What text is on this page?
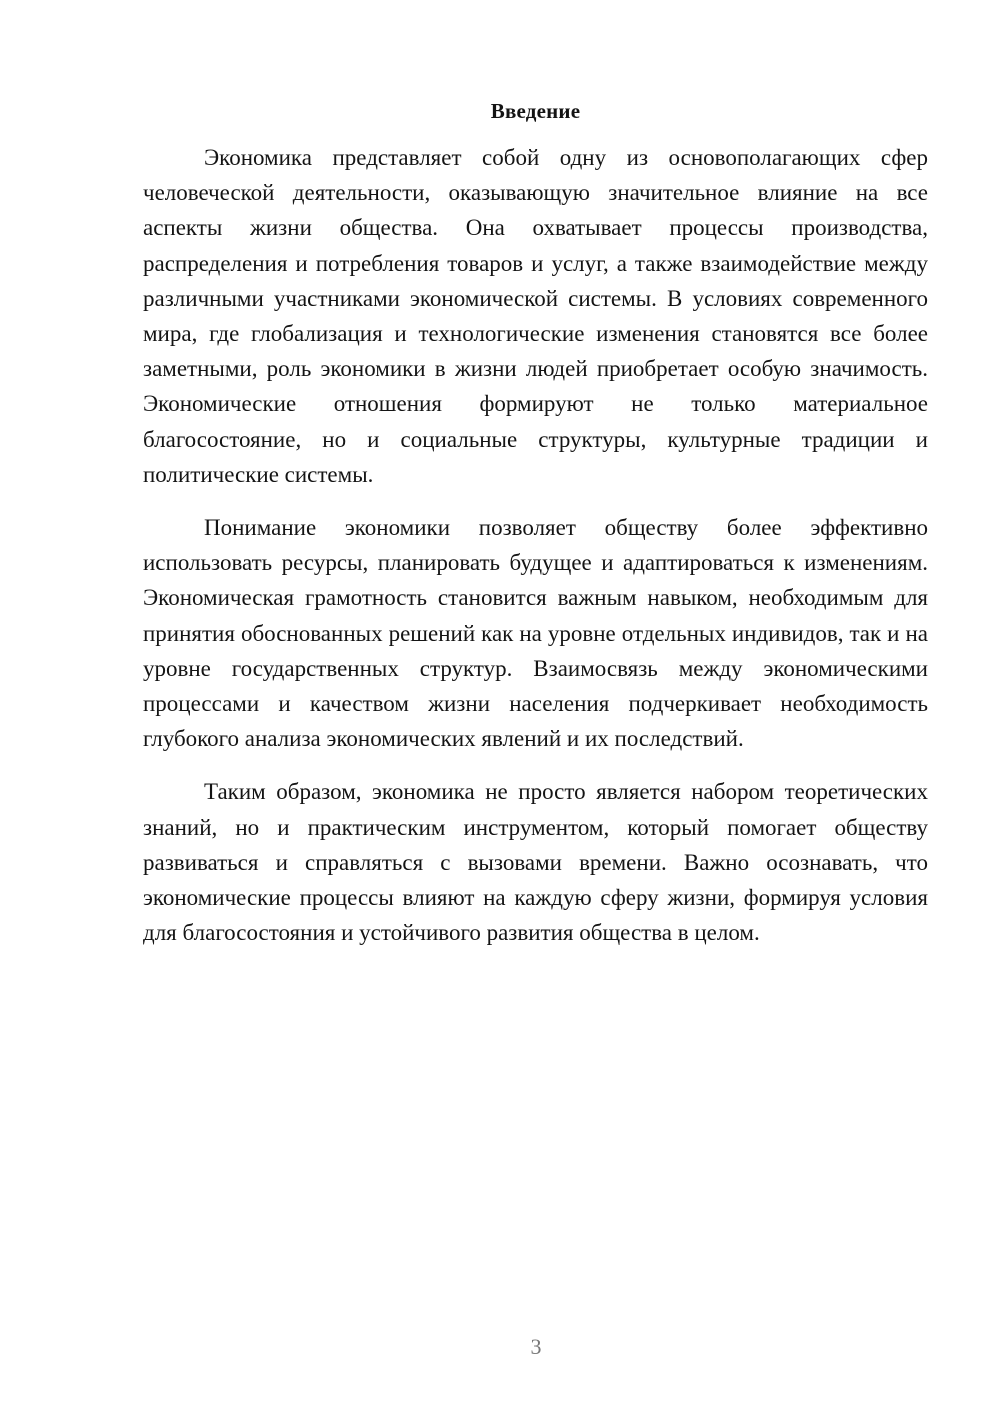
Введение

Экономика представляет собой одну из основополагающих сфер человеческой деятельности, оказывающую значительное влияние на все аспекты жизни общества. Она охватывает процессы производства, распределения и потребления товаров и услуг, а также взаимодействие между различными участниками экономической системы. В условиях современного мира, где глобализация и технологические изменения становятся все более заметными, роль экономики в жизни людей приобретает особую значимость. Экономические отношения формируют не только материальное благосостояние, но и социальные структуры, культурные традиции и политические системы.

Понимание экономики позволяет обществу более эффективно использовать ресурсы, планировать будущее и адаптироваться к изменениям. Экономическая грамотность становится важным навыком, необходимым для принятия обоснованных решений как на уровне отдельных индивидов, так и на уровне государственных структур. Взаимосвязь между экономическими процессами и качеством жизни населения подчеркивает необходимость глубокого анализа экономических явлений и их последствий.

Таким образом, экономика не просто является набором теоретических знаний, но и практическим инструментом, который помогает обществу развиваться и справляться с вызовами времени. Важно осознавать, что экономические процессы влияют на каждую сферу жизни, формируя условия для благосостояния и устойчивого развития общества в целом.

3
